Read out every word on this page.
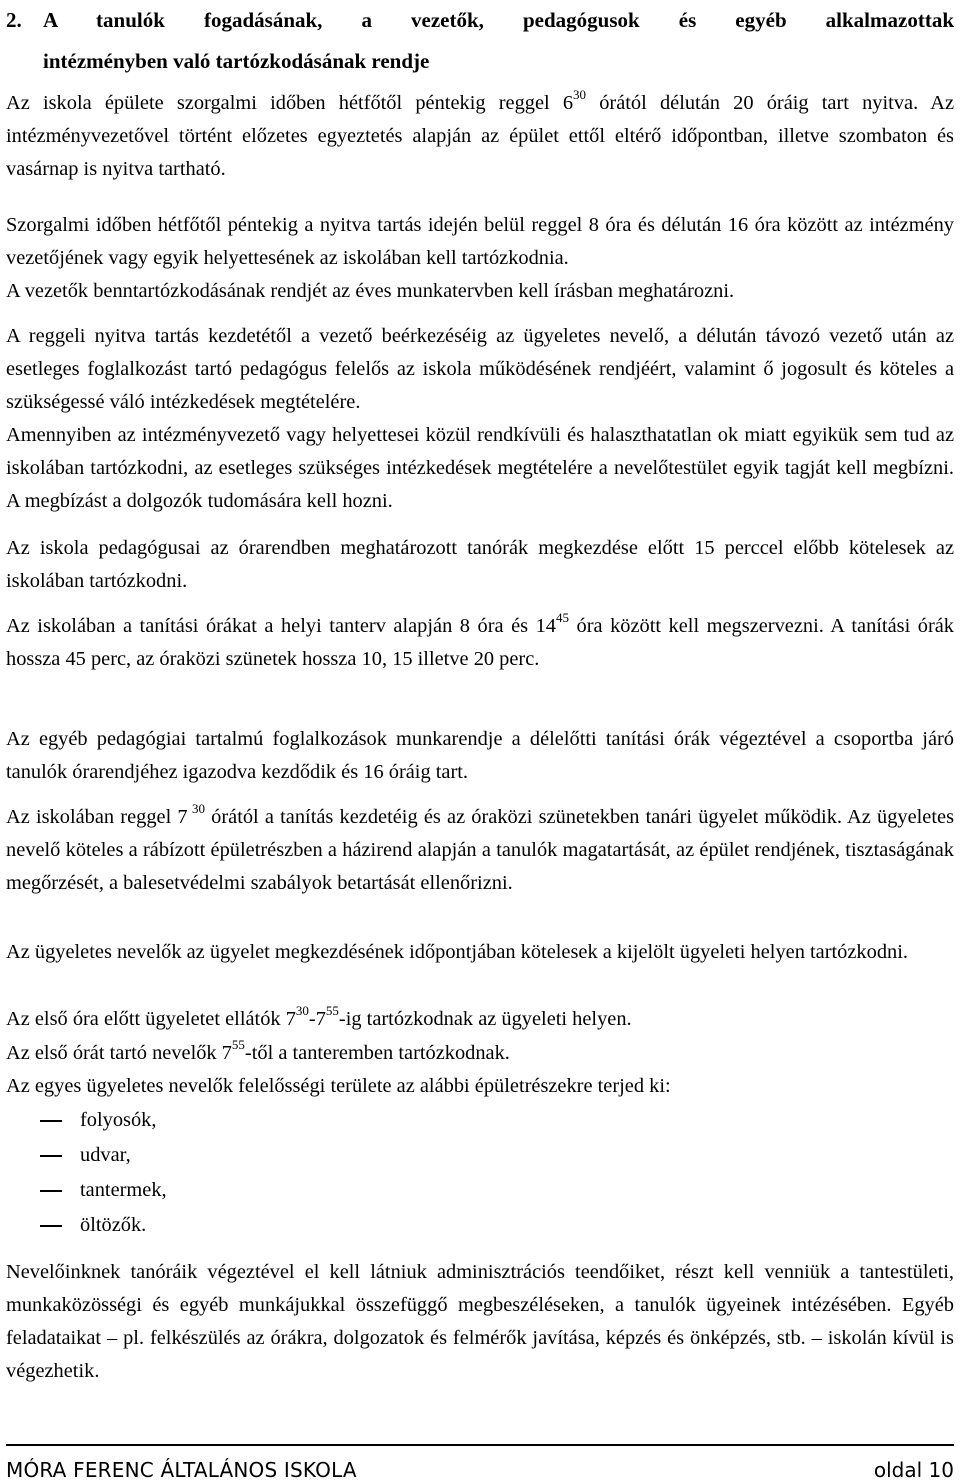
2. A tanulók fogadásának, a vezetők, pedagógusok és egyéb alkalmazottak
intézményben való tartózkodásának rendje
Az iskola épülete szorgalmi időben hétfőtől péntekig reggel $6^{30}$ órától délután 20 óráig tart nyitva. Az intézményvezetővel történt előzetes egyeztetés alapján az épület ettől eltérő időpontban, illetve szombaton és vasárnap is nyitva tartható.
Szorgalmi időben hétfőtől péntekig a nyitva tartás idején belül reggel 8 óra és délután 16 óra között az intézmény vezetőjének vagy egyik helyettesének az iskolában kell tartózkodnia.
A vezetők benntartózkodásának rendjét az éves munkatervben kell írásban meghatározni.
A reggeli nyitva tartás kezdetétől a vezető beérkezéséig az ügyeletes nevelő, a délután távozó vezető után az esetleges foglalkozást tartó pedagógus felelős az iskola működésének rendjéért, valamint ő jogosult és köteles a szükségessé váló intézkedések megtételére.
Amennyiben az intézményvezető vagy helyettesei közül rendkívüli és halaszthatatlan ok miatt egyikük sem tud az iskolában tartózkodni, az esetleges szükséges intézkedések megtételére a nevelőtestület egyik tagját kell megbízni. A megbízást a dolgozók tudomására kell hozni.
Az iskola pedagógusai az órarendben meghatározott tanórák megkezdése előtt 15 perccel előbb kötelesek az iskolában tartózkodni.
Az iskolában a tanítási órákat a helyi tanterv alapján 8 óra és $14^{45}$ óra között kell megszervezni. A tanítási órák hossza 45 perc, az óraközi szünetek hossza 10, 15 illetve 20 perc.
Az egyéb pedagógiai tartalmú foglalkozások munkarendje a délelőtti tanítási órák végeztével a csoportba járó tanulók órarendjéhez igazodva kezdődik és 16 óráig tart.
Az iskolában reggel 7 $^{30}$ órától a tanítás kezdetéig és az óraközi szünetekben tanári ügyelet működik. Az ügyeletes nevelő köteles a rábízott épületrészben a házirend alapján a tanulók magatartását, az épület rendjének, tisztaságának megőrzését, a balesetvédelmi szabályok betartását ellenőrizni.
Az ügyeletes nevelők az ügyelet megkezdésének időpontjában kötelesek a kijelölt ügyeleti helyen tartózkodni.
Az első óra előtt ügyeletet ellátók $7^{30}-7^{55}-ig$ tartózkodnak az ügyeleti helyen.
Az első órát tartó nevelők $7^{55}$-től a tanteremben tartózkodnak.
Az egyes ügyeletes nevelők felelősségi területe az alábbi épületrészekre terjed ki:
folyosók,
udvar,
tantermek,
öltözők.
Nevelőinknek tanóráik végeztével el kell látniuk adminisztrációs teendőiket, részt kell venniük a tantestületi, munkaközösségi és egyéb munkájukkal összefüggő megbeszéléseken, a tanulók ügyeinek intézésében. Egyéb feladataikat – pl. felkészülés az órákra, dolgozatok és felmérők javítása, képzés és önképzés, stb. – iskolán kívül is végezhetik.
MÓRA FERENC ÁLTALÁNOS ISKOLA	oldal 10
